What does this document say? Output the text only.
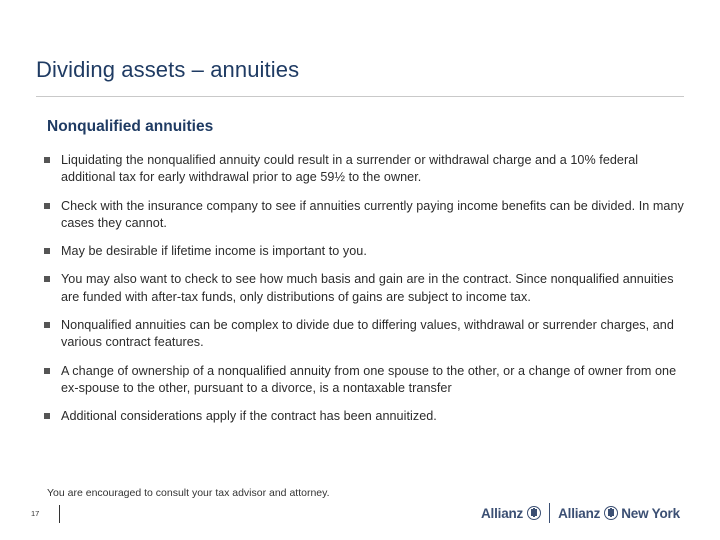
Dividing assets – annuities
Nonqualified annuities
Liquidating the nonqualified annuity could result in a surrender or withdrawal charge and a 10% federal additional tax for early withdrawal prior to age 59½ to the owner.
Check with the insurance company to see if annuities currently paying income benefits can be divided. In many cases they cannot.
May be desirable if lifetime income is important to you.
You may also want to check to see how much basis and gain are in the contract. Since nonqualified annuities are funded with after-tax funds, only distributions of gains are subject to income tax.
Nonqualified annuities can be complex to divide due to differing values, withdrawal or surrender charges, and various contract features.
A change of ownership of a nonqualified annuity from one spouse to the other, or a change of owner from one ex-spouse to the other, pursuant to a divorce, is a nontaxable transfer
Additional considerations apply if the contract has been annuitized.
You are encouraged to consult your tax advisor and attorney.
17	Allianz	Allianz New York
